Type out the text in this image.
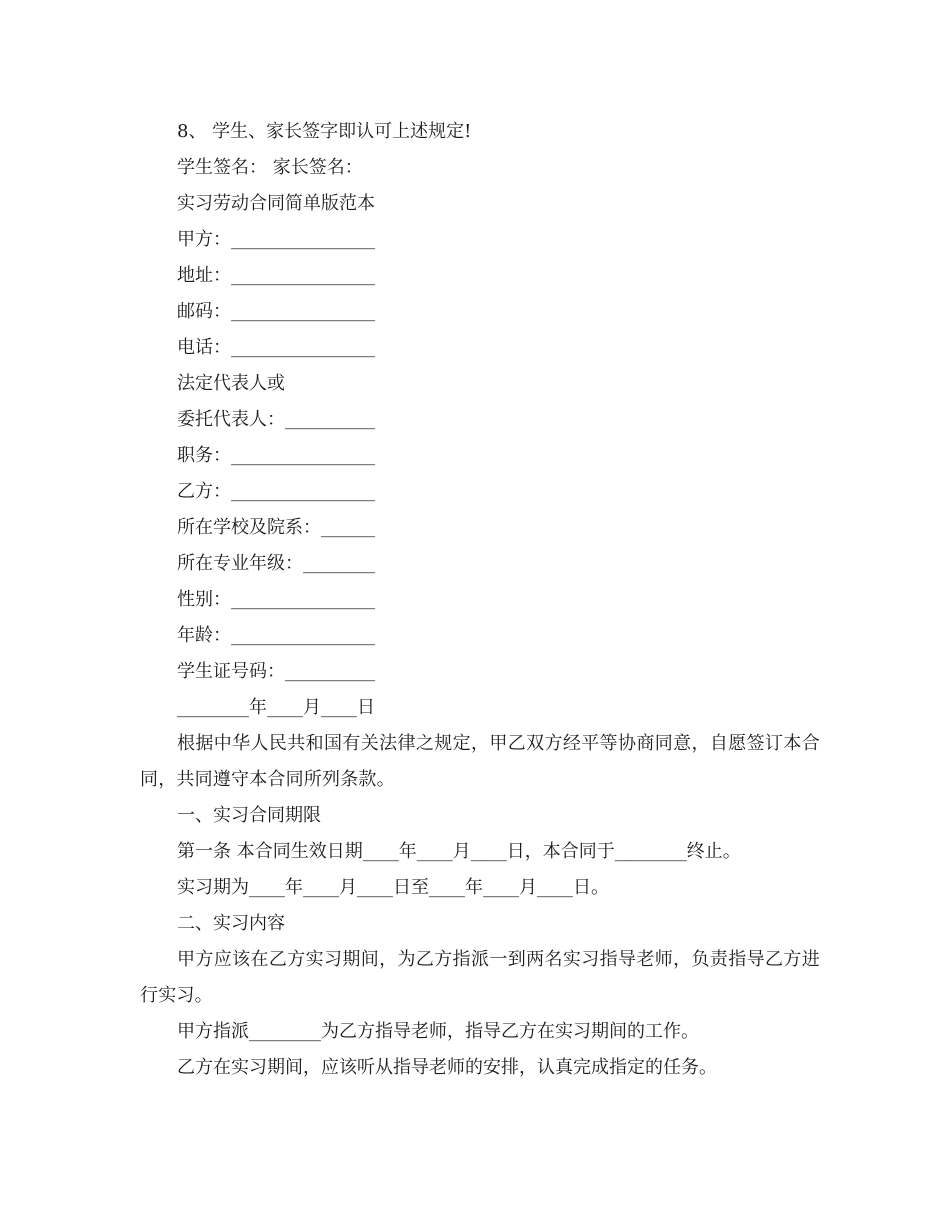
8、 学生、家长签字即认可上述规定!
学生签名： 家长签名：
实习劳动合同简单版范本
甲方：________________
地址：________________
邮码：________________
电话：________________
法定代表人或
委托代表人：__________
职务：________________
乙方：________________
所在学校及院系：______
所在专业年级：________
性别：________________
年龄：________________
学生证号码：__________
________年____月____日
根据中华人民共和国有关法律之规定，甲乙双方经平等协商同意，自愿签订本合同，共同遵守本合同所列条款。
一、实习合同期限
第一条 本合同生效日期____年____月____日，本合同于________终止。
实习期为____年____月____日至____年____月____日。
二、实习内容
甲方应该在乙方实习期间，为乙方指派一到两名实习指导老师，负责指导乙方进行实习。
甲方指派________为乙方指导老师，指导乙方在实习期间的工作。
乙方在实习期间，应该听从指导老师的安排，认真完成指定的任务。
